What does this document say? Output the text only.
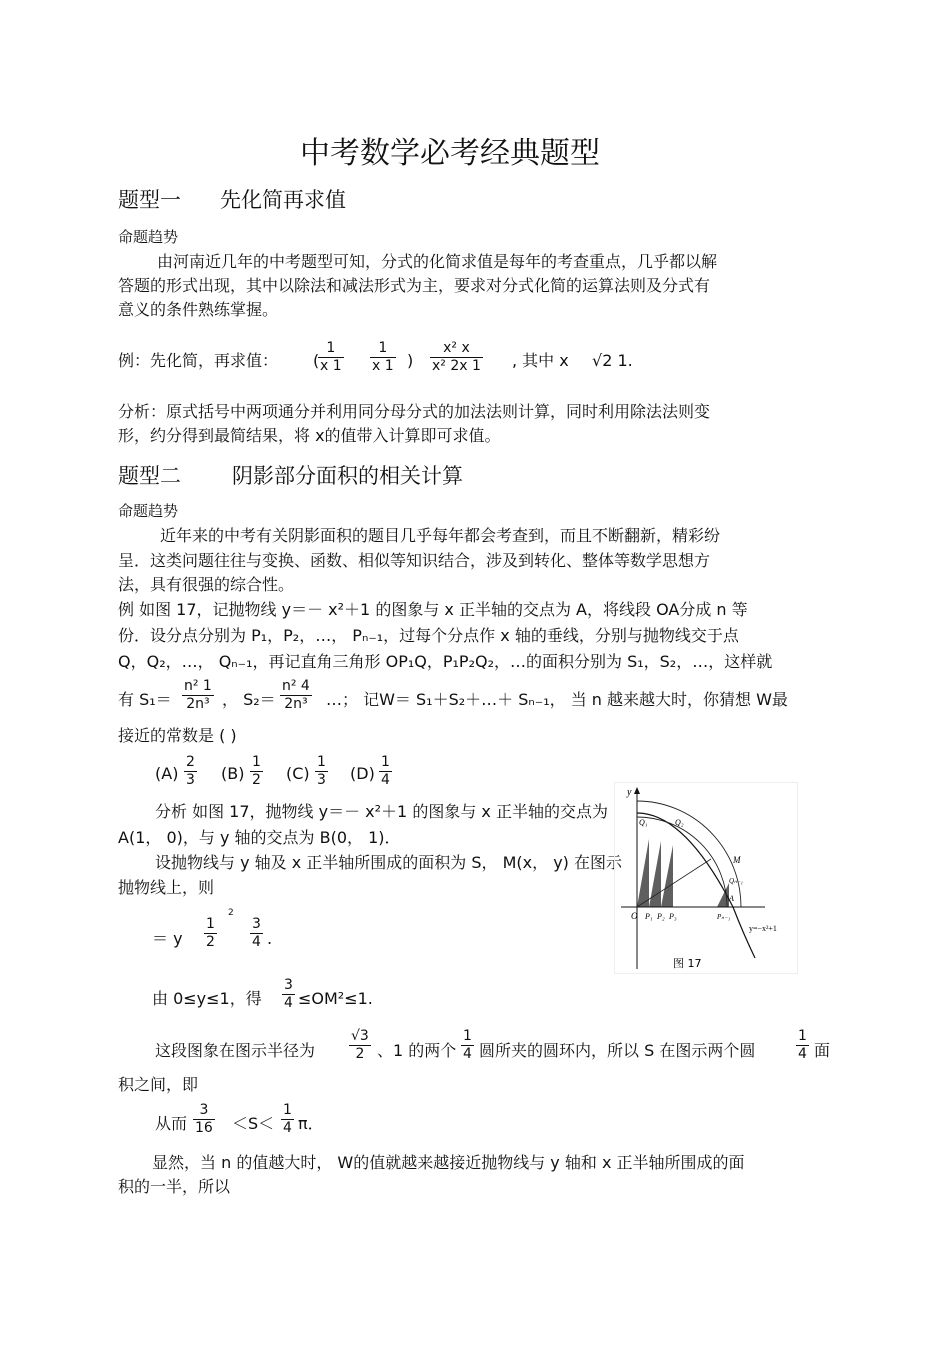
中考数学必考经典题型
题型一 先化简再求值
命题趋势
由河南近几年的中考题型可知，分式的化简求值是每年的考查重点，几乎都以解
答题的形式出现，其中以除法和减法形式为主，要求对分式化简的运算法则及分式有
意义的条件熟练掌握。
例：先化简，再求值： (
$\frac{1}{x 1} \frac{1}{x 1}$ ) $\frac{\text{x² x}}{\text{x² 2x 1}}$ , 其中 x √2 1.
分析：原式括号中两项通分并利用同分母分式的加法法则计算，同时利用除法法则变
形，约分得到最简结果，将 x的值带入计算即可求值。
题型二 阴影部分面积的相关计算
命题趋势
近年来的中考有关阴影面积的题目几乎每年都会考查到，而且不断翻新，精彩纷
呈．这类问题往往与变换、函数、相似等知识结合，涉及到转化、整体等数学思想方
法，具有很强的综合性。
例 如图 17，记抛物线 y＝－ x²＋1 的图象与 x 正半轴的交点为 A，将线段 OA分成 n 等
份．设分点分别为 P₁，P₂，…， Pₙ₋₁，过每个分点作 x 轴的垂线，分别与抛物线交于点
Q，Q₂，…， Qₙ₋₁，再记直角三角形 OP₁Q，P₁P₂Q₂，…的面积分别为 S₁，S₂，…，这样就
有 $S_1= \frac{\text{n² 1}}{\text{2n³}}$ ， $S_2= \frac{\text{n² 4}}{\text{2n³}}$ …； 记W＝ S₁＋S₂＋…＋ Sₙ₋₁， 当 n 越来越大时，你猜想 W最
接近的常数是 ( )
$(A) \frac{2}{3} (B) \frac{1}{2} (C) \frac{1}{3} (D) \frac{1}{4}$
分析 如图 17，抛物线 y＝－ x²＋1 的图象与 x 正半轴的交点为
A(1， 0)，与 y 轴的交点为 B(0， 1)．
设抛物线与 y 轴及 x 正半轴所围成的面积为 S， M(x， y) 在图示
抛物线上，则
＝ y $\frac{1}{2}$
2
$\frac{3}{4}$ .
由 0≤y≤1，得 $\frac{3}{4} \le OM^2\le 1$.
这段图象在图示半径为 $\frac{√3}{2}$ 、1 的两个 $\frac{1}{4}$ 圆所夹的圆环内，所以 S 在图示两个圆	$\frac{1}{4}$ 面
积之间，即
从而 $\frac{3}{16} <S< \frac{1}{4}$ π．
显然，当 n 的值越大时， W的值就越来越接近抛物线与 y 轴和 x 正半轴所围成的面
积的一半，所以
y
O P₁ P₂ P₃	Pₙ₋₁
A
M
Q₁	Q₂
Qₙ₋₁
y=−x²+1
图 17
